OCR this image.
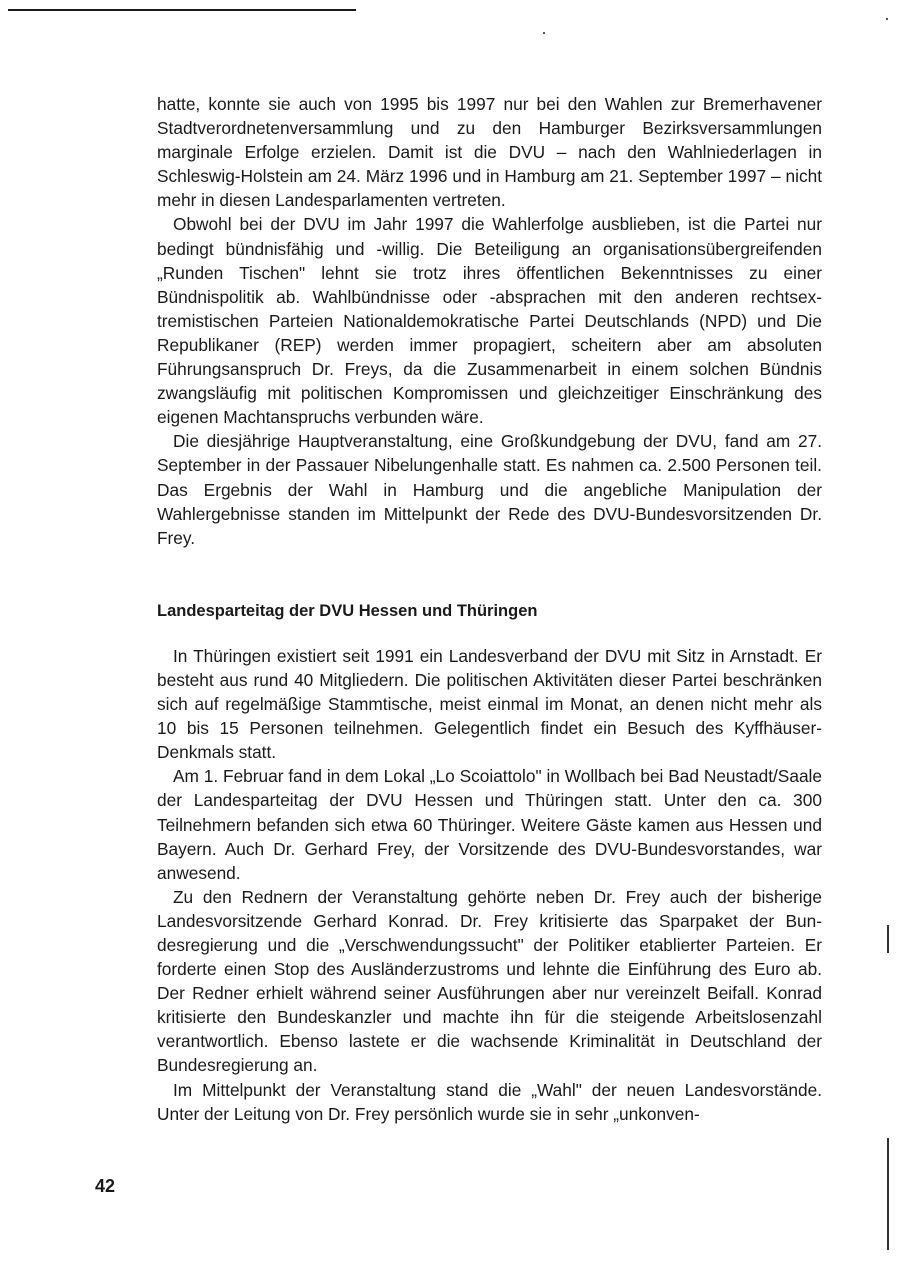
hatte, konnte sie auch von 1995 bis 1997 nur bei den Wahlen zur Bremerhavener Stadtverordnetenversammlung und zu den Hamburger Bezirksversammlungen marginale Erfolge erzielen. Damit ist die DVU – nach den Wahlniederlagen in Schleswig-Holstein am 24. März 1996 und in Hamburg am 21. September 1997 – nicht mehr in diesen Landesparlamenten vertreten.

Obwohl bei der DVU im Jahr 1997 die Wahlerfolge ausblieben, ist die Partei nur bedingt bündnisfähig und -willig. Die Beteiligung an organisationsübergreifenden „Runden Tischen" lehnt sie trotz ihres öffentlichen Bekenntnisses zu einer Bündnispolitik ab. Wahlbündnisse oder -absprachen mit den anderen rechtsextremistischen Parteien Nationaldemokratische Partei Deutschlands (NPD) und Die Republikaner (REP) werden immer propagiert, scheitern aber am absoluten Führungsanspruch Dr. Freys, da die Zusammenarbeit in einem solchen Bündnis zwangsläufig mit politischen Kompromissen und gleichzeitiger Einschränkung des eigenen Machtanspruchs verbunden wäre.

Die diesjährige Hauptveranstaltung, eine Großkundgebung der DVU, fand am 27. September in der Passauer Nibelungenhalle statt. Es nahmen ca. 2.500 Personen teil. Das Ergebnis der Wahl in Hamburg und die angebliche Manipulation der Wahlergebnisse standen im Mittelpunkt der Rede des DVU-Bundesvorsitzenden Dr. Frey.

Landesparteitag der DVU Hessen und Thüringen

In Thüringen existiert seit 1991 ein Landesverband der DVU mit Sitz in Arnstadt. Er besteht aus rund 40 Mitgliedern. Die politischen Aktivitäten dieser Partei beschränken sich auf regelmäßige Stammtische, meist einmal im Monat, an denen nicht mehr als 10 bis 15 Personen teilnehmen. Gelegentlich findet ein Besuch des Kyffhäuser-Denkmals statt.

Am 1. Februar fand in dem Lokal „Lo Scoiattolo" in Wollbach bei Bad Neustadt/Saale der Landesparteitag der DVU Hessen und Thüringen statt. Unter den ca. 300 Teilnehmern befanden sich etwa 60 Thüringer. Weitere Gäste kamen aus Hessen und Bayern. Auch Dr. Gerhard Frey, der Vorsitzende des DVU-Bundesvorstandes, war anwesend.

Zu den Rednern der Veranstaltung gehörte neben Dr. Frey auch der bisherige Landesvorsitzende Gerhard Konrad. Dr. Frey kritisierte das Sparpaket der Bundesregierung und die „Verschwendungssucht" der Politiker etablierter Parteien. Er forderte einen Stop des Ausländerzustroms und lehnte die Einführung des Euro ab. Der Redner erhielt während seiner Ausführungen aber nur vereinzelt Beifall. Konrad kritisierte den Bundeskanzler und machte ihn für die steigende Arbeitslosenzahl verantwortlich. Ebenso lastete er die wachsende Kriminalität in Deutschland der Bundesregierung an.

Im Mittelpunkt der Veranstaltung stand die „Wahl" der neuen Landesvorstände. Unter der Leitung von Dr. Frey persönlich wurde sie in sehr „unkonven-

42
